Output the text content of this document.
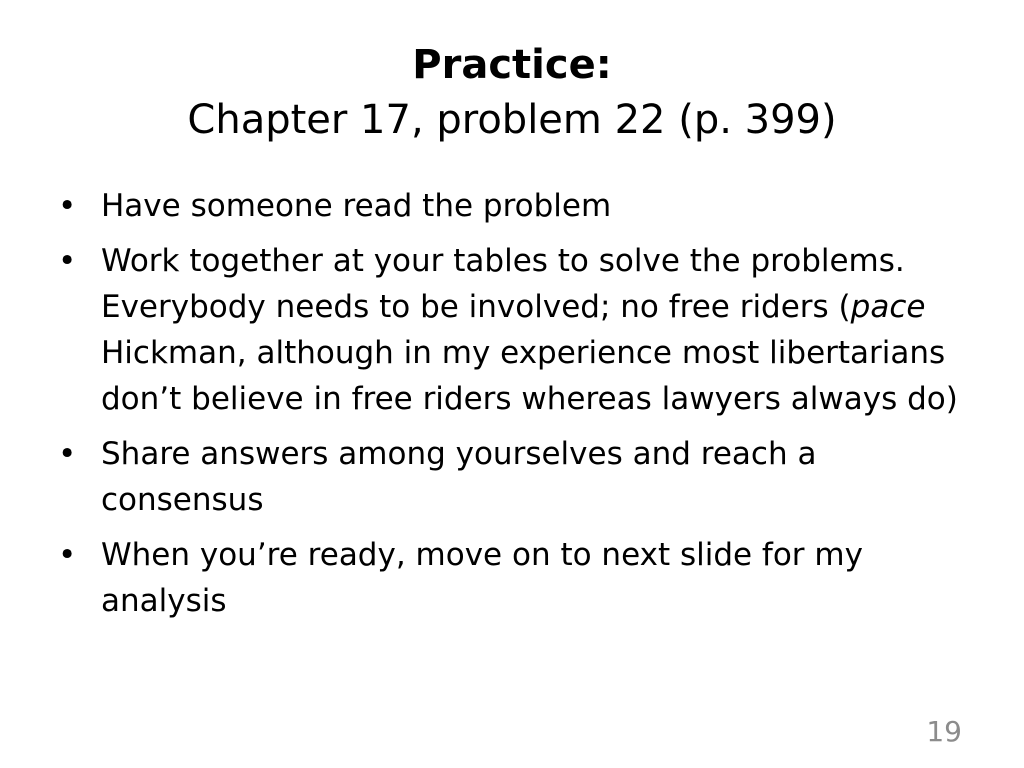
Practice:
Chapter 17, problem 22 (p. 399)
• Have someone read the problem
• Work together at your tables to solve the problems. Everybody needs to be involved; no free riders (pace Hickman, although in my experience most libertarians don’t believe in free riders whereas lawyers always do)
• Share answers among yourselves and reach a consensus
• When you’re ready, move on to next slide for my analysis
19
